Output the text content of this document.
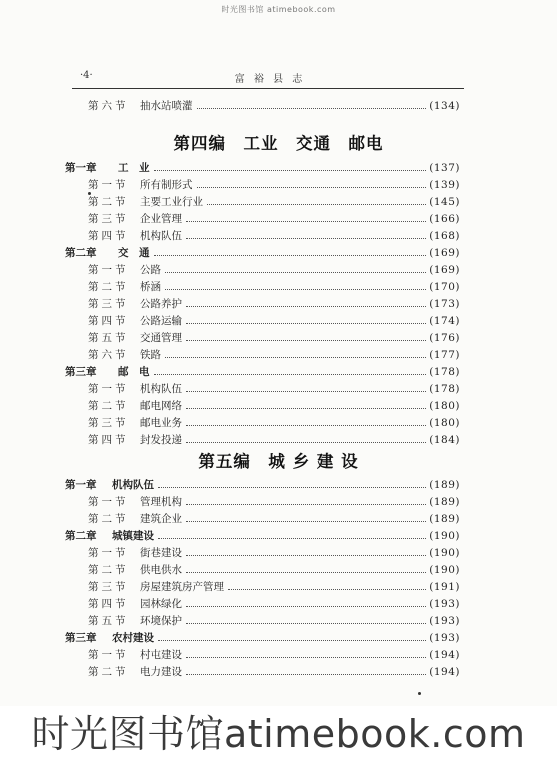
时光图书馆 atimebook.com
·4·	富 裕 县 志
第六节 抽水站喷灌	(134)
第四编　工业　交通　邮电
第一章 工　业	(137)
第一节 所有制形式	(139)
第二节 主要工业行业	(145)
第三节 企业管理	(166)
第四节 机构队伍	(168)
第二章 交　通	(169)
第一节 公路	(169)
第二节 桥涵	(170)
第三节 公路养护	(173)
第四节 公路运输	(174)
第五节 交通管理	(176)
第六节 铁路	(177)
第三章 邮　电	(178)
第一节 机构队伍	(178)
第二节 邮电网络	(180)
第三节 邮电业务	(180)
第四节 封发投递	(184)
第五编　城 乡 建 设
第一章 机构队伍	(189)
第一节 管理机构	(189)
第二节 建筑企业	(189)
第二章 城镇建设	(190)
第一节 街巷建设	(190)
第二节 供电供水	(190)
第三节 房屋建筑房产管理	(191)
第四节 园林绿化	(193)
第五节 环境保护	(193)
第三章 农村建设	(193)
第一节 村屯建设	(194)
第二节 电力建设	(194)
时光图书馆atimebook.com
